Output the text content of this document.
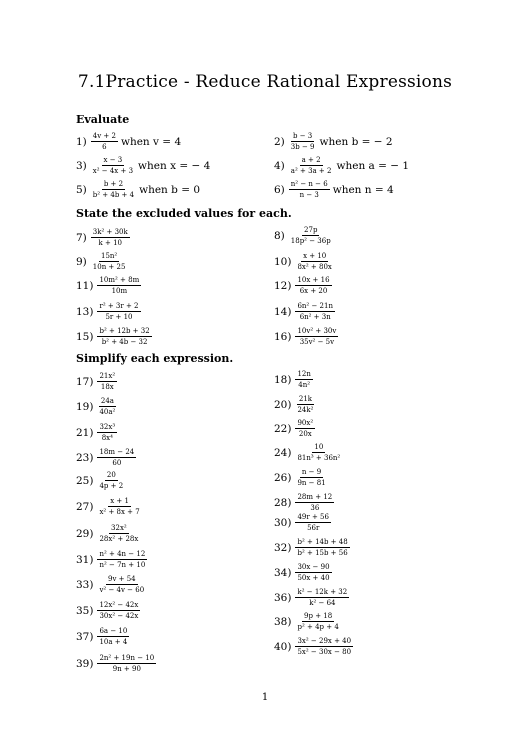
7.1Practice - Reduce Rational Expressions
Evaluate
State the excluded values for each.
Simplify each expression.
$1) \frac{4v + 2}{6}$ when v = 4	$2) \frac{b - 3}{3b - 9}$ when b = − 2
$3) \frac{x - 3}{\text{x² − 4x + 3}}$ when x = − 4	$4) \frac{a + 2}{\text{a² + 3a + 2}}$ when a = − 1
$5) \frac{b + 2}{\text{b² + 4b + 4}}$ when b = 0	$6) \frac{\text{n² − n − 6}}{n - 3}$ when n = 4
$7) \frac{\text{3k² + 30k}}{k + 10}$	$8) \frac{27p}{\text{18p² − 36p}}$
$9) \frac{\text{15n²}}{10n + 25}$	$10) \frac{x + 10}{\text{8x² + 80x}}$
$11) \frac{\text{10m² + 8m}}{10m}$	$12) \frac{10x + 16}{6x + 20}$
$13) \frac{\text{r² + 3r + 2}}{5r + 10}$	$14) \frac{\text{6n² − 21n}}{\text{6n² + 3n}}$
$15) \frac{\text{b² + 12b + 32}}{\text{b² + 4b − 32}}$	$16) \frac{\text{10v² + 30v}}{\text{35v² − 5v}}$
$17) \frac{\text{21x²}}{18x}$	$18) \frac{12n}{\text{4n²}}$
$19) \frac{24a}{\text{40a²}}$	$20) \frac{21k}{\text{24k²}}$
$21) \frac{\text{32x³}}{\text{8x⁴}}$	$22) \frac{\text{90x²}}{20x}$
$23) \frac{18m - 24}{60}$	$24) \frac{10}{\text{81n³ + 36n²}}$
$25) \frac{20}{4p + 2}$	$26) \frac{n - 9}{9n - 81}$
$27) \frac{x + 1}{\text{x² + 8x + 7}}$	$28) \frac{28m + 12}{36}$
$29) \frac{\text{32x²}}{\text{28x² + 28x}}$
$30) \frac{49r + 56}{56r}$
$31) \frac{\text{n² + 4n − 12}}{\text{n² − 7n + 10}}$
$32) \frac{\text{b² + 14b + 48}}{\text{b² + 15b + 56}}$
$33) \frac{9v + 54}{\text{v² − 4v − 60}}$
$34) \frac{30x - 90}{50x + 40}$
$35) \frac{\text{12x² − 42x}}{\text{30x² − 42x}}$
$36) \frac{\text{k² − 12k + 32}}{\text{k² − 64}}$
$37) \frac{6a - 10}{10a + 4}$
$38) \frac{9p + 18}{\text{p² + 4p + 4}}$
$39) \frac{\text{2n² + 19n − 10}}{9n + 90}$
$40) \frac{\text{3x² − 29x + 40}}{\text{5x² − 30x − 80}}$
1
